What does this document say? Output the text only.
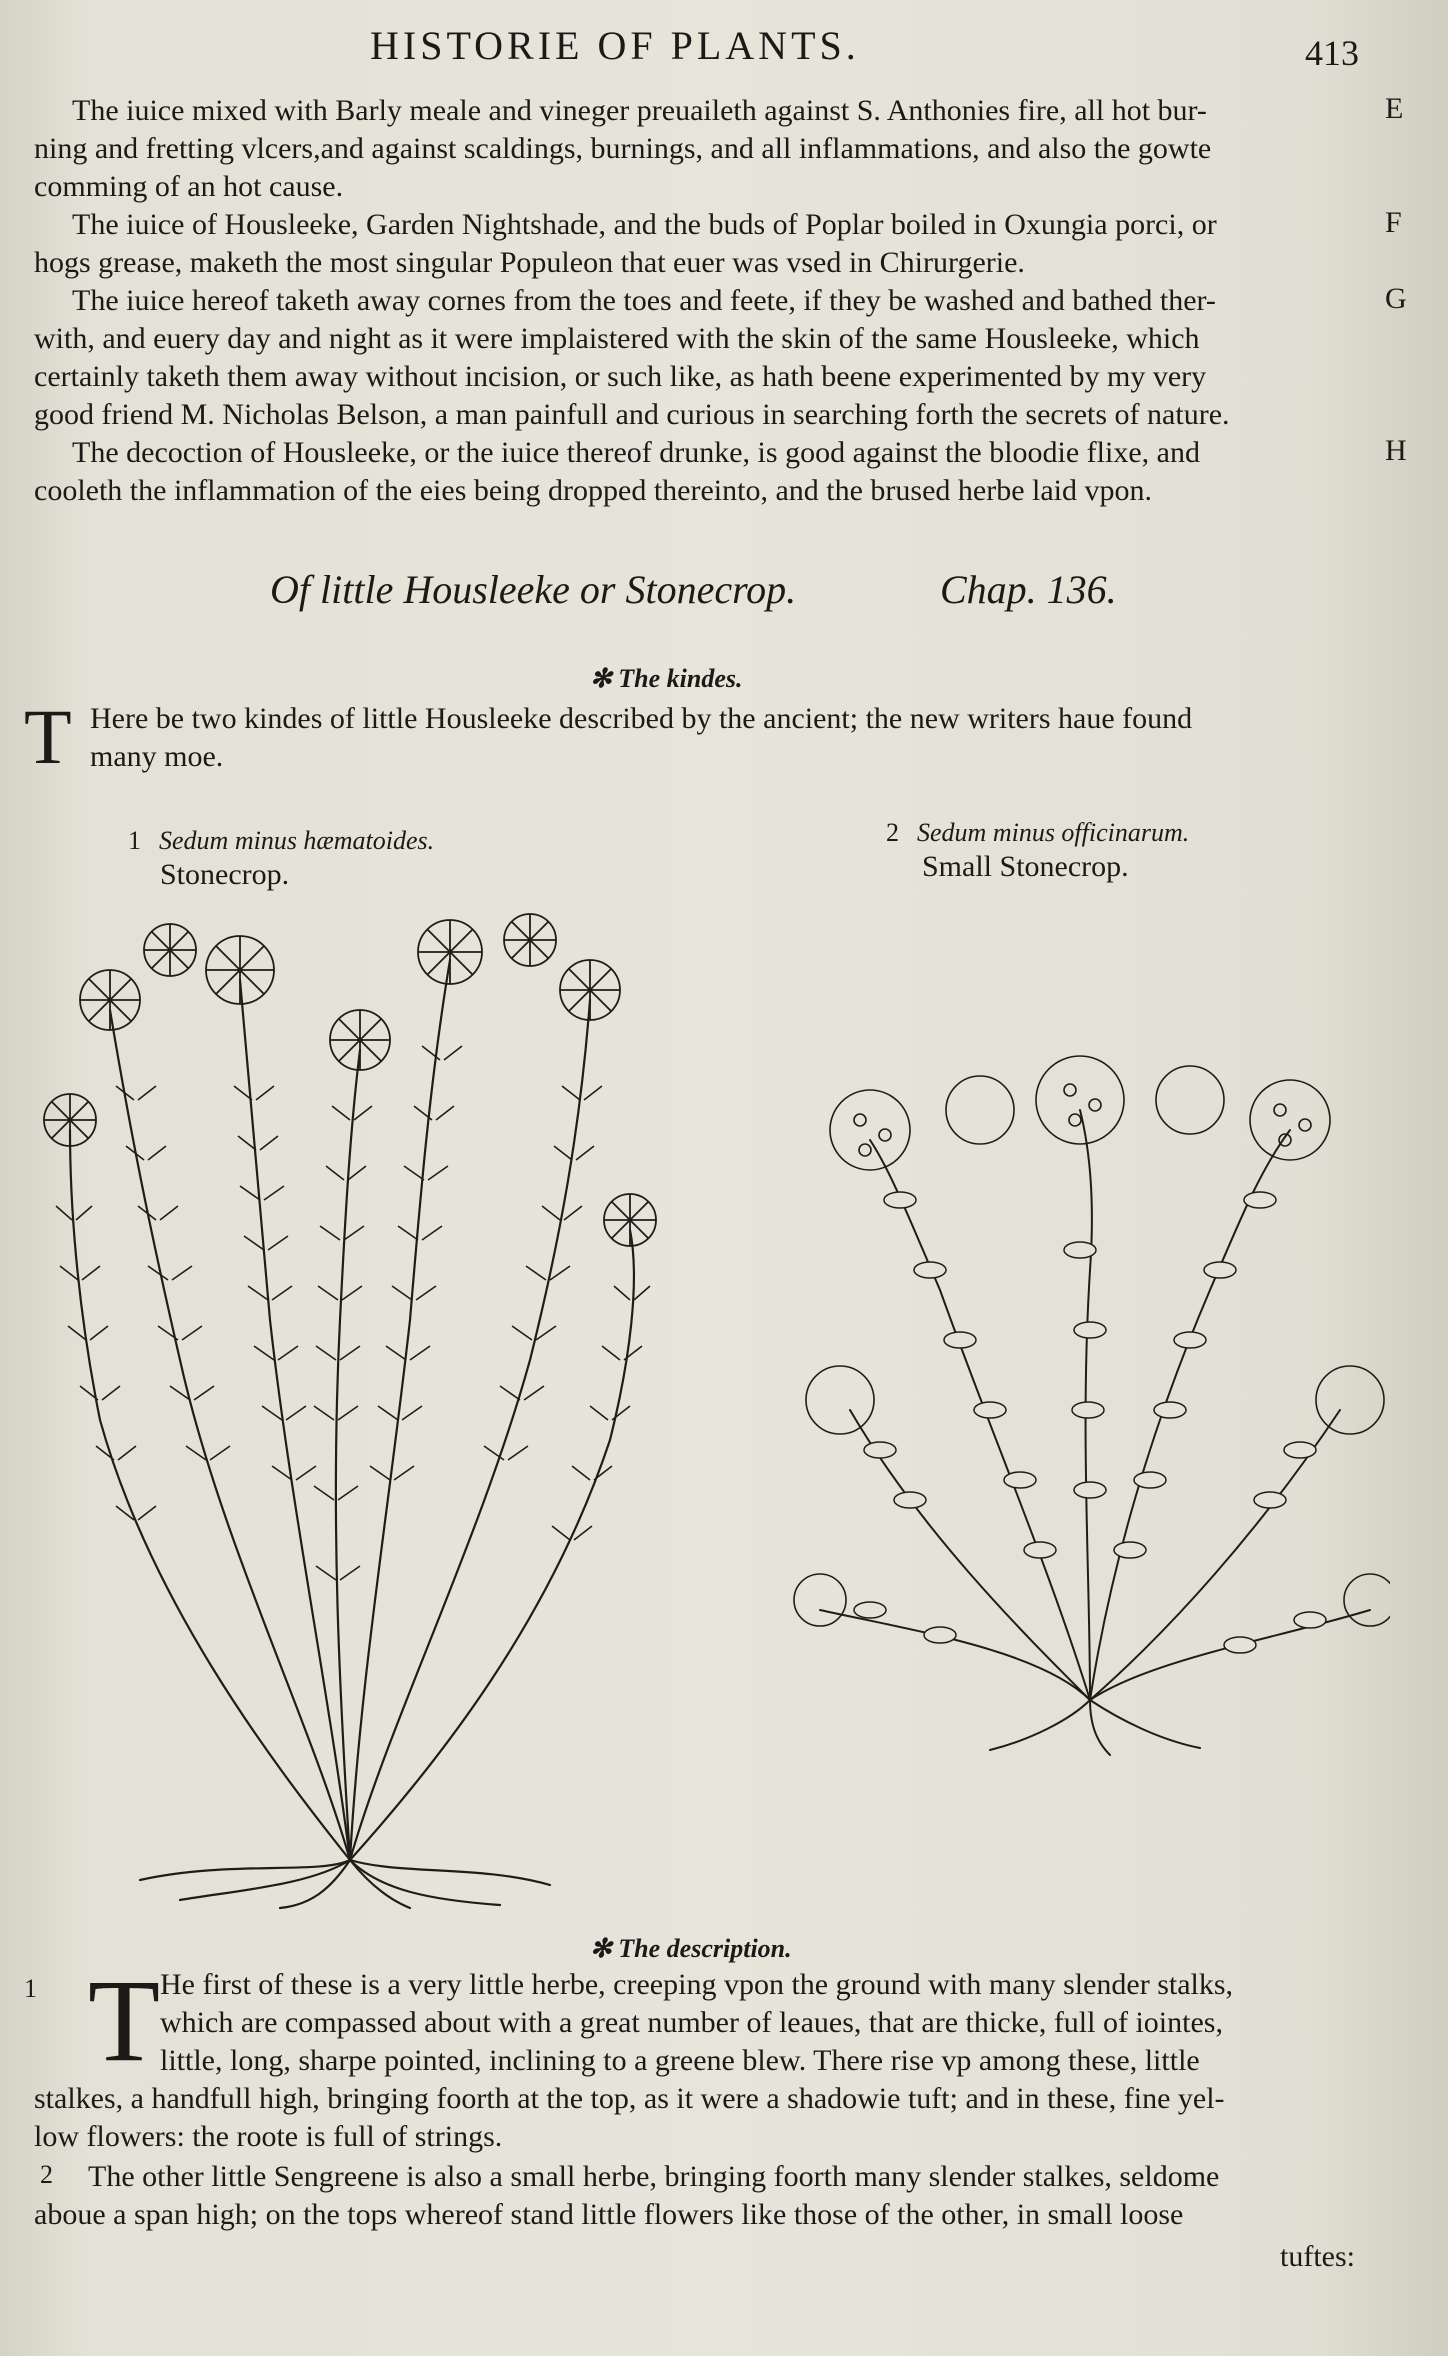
HISTORIE OF PLANTS.	413

The iuice mixed with Barly meale and vineger preuaileth against S. Anthonies fire, all hot bur-

ning and fretting vlcers,and against scaldings, burnings, and all inflammations, and also the gowte

comming of an hot cause.

The iuice of Housleeke, Garden Nightshade, and the buds of Poplar boiled in Oxungia porci, or

hogs grease, maketh the most singular Populeon that euer was vsed in Chirurgerie.

The iuice hereof taketh away cornes from the toes and feete, if they be washed and bathed ther-

with, and euery day and night as it were implaistered with the skin of the same Housleeke, which

certainly taketh them away without incision, or such like, as hath beene experimented by my very

good friend M. Nicholas Belson, a man painfull and curious in searching forth the secrets of nature.

The decoction of Housleeke, or the iuice thereof drunke, is good against the bloodie flixe, and

cooleth the inflammation of the eies being dropped thereinto, and the brused herbe laid vpon.

E
F
G
H
Of little Housleeke or Stonecrop.	Chap. 136.
✻ The kindes.
T Here be two kindes of little Housleeke described by the ancient; the new writers haue found

many moe.

1 Sedum minus hæmatoides.
Stonecrop.
2 Sedum minus officinarum.
Small Stonecrop.
✻ The description.
1 T He first of these is a very little herbe, creeping vpon the ground with many slender stalks,

which are compassed about with a great number of leaues, that are thicke, full of iointes,

little, long, sharpe pointed, inclining to a greene blew. There rise vp among these, little

stalkes, a handfull high, bringing foorth at the top, as it were a shadowie tuft; and in these, fine yel-

low flowers: the roote is full of strings.

2	The other little Sengreene is also a small herbe, bringing foorth many slender stalkes, seldome

aboue a span high; on the tops whereof stand little flowers like those of the other, in small loose

tuftes:
